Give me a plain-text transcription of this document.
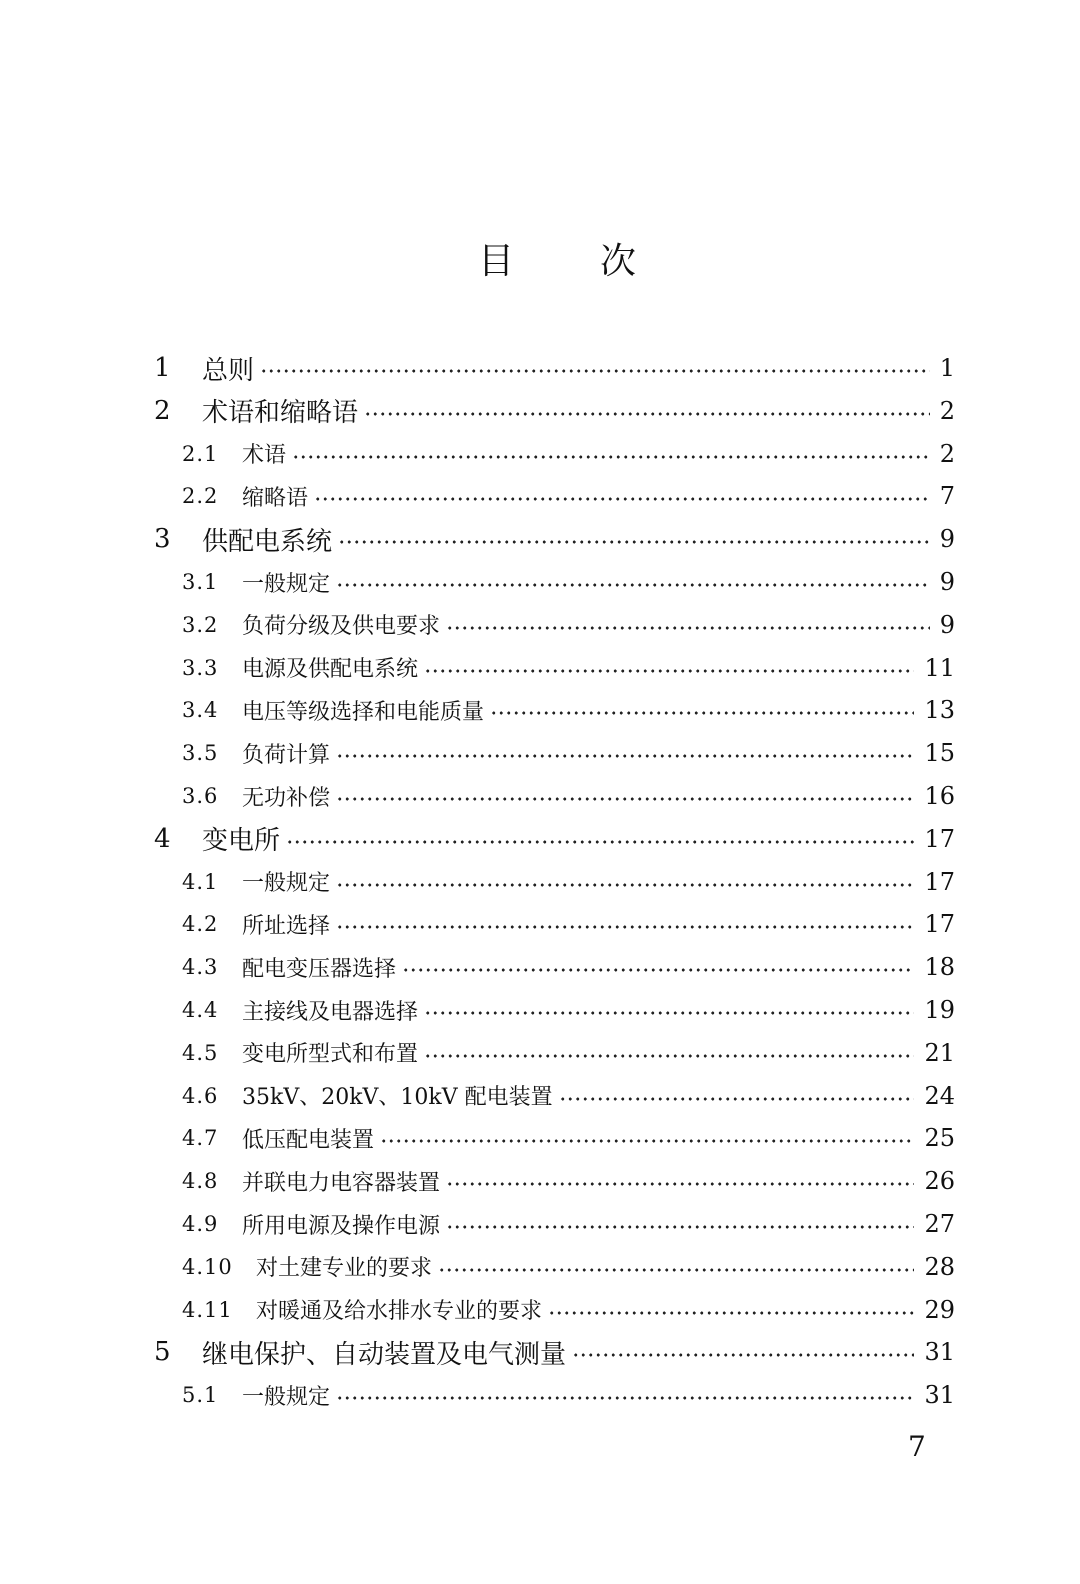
目 次
1	总则	1
2	术语和缩略语	2
2.1	术语	2
2.2	缩略语	7
3	供配电系统	9
3.1	一般规定	9
3.2	负荷分级及供电要求	9
3.3	电源及供配电系统	11
3.4	电压等级选择和电能质量	13
3.5	负荷计算	15
3.6	无功补偿	16
4	变电所	17
4.1	一般规定	17
4.2	所址选择	17
4.3	配电变压器选择	18
4.4	主接线及电器选择	19
4.5	变电所型式和布置	21
4.6	35kV、20kV、10kV 配电装置	24
4.7	低压配电装置	25
4.8	并联电力电容器装置	26
4.9	所用电源及操作电源	27
4.10	对土建专业的要求	28
4.11	对暖通及给水排水专业的要求	29
5	继电保护、自动装置及电气测量	31
5.1	一般规定	31
7
